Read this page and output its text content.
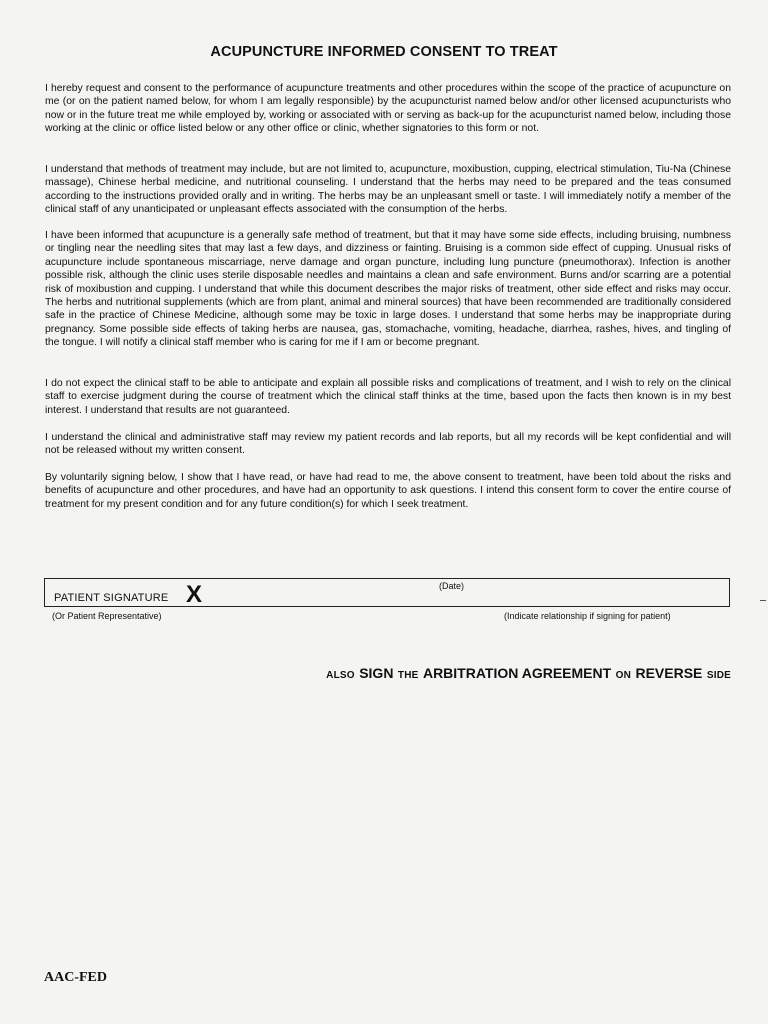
ACUPUNCTURE INFORMED CONSENT TO TREAT
I hereby request and consent to the performance of acupuncture treatments and other procedures within the scope of the practice of acupuncture on me (or on the patient named below, for whom I am legally responsible) by the acupuncturist named below and/or other licensed acupuncturists who now or in the future treat me while employed by, working or associated with or serving as back-up for the acupuncturist named below, including those working at the clinic or office listed below or any other office or clinic, whether signatories to this form or not.
I understand that methods of treatment may include, but are not limited to, acupuncture, moxibustion, cupping, electrical stimulation, Tiu-Na (Chinese massage), Chinese herbal medicine, and nutritional counseling. I understand that the herbs may need to be prepared and the teas consumed according to the instructions provided orally and in writing. The herbs may be an unpleasant smell or taste. I will immediately notify a member of the clinical staff of any unanticipated or unpleasant effects associated with the consumption of the herbs.
I have been informed that acupuncture is a generally safe method of treatment, but that it may have some side effects, including bruising, numbness or tingling near the needling sites that may last a few days, and dizziness or fainting. Bruising is a common side effect of cupping. Unusual risks of acupuncture include spontaneous miscarriage, nerve damage and organ puncture, including lung puncture (pneumothorax). Infection is another possible risk, although the clinic uses sterile disposable needles and maintains a clean and safe environment. Burns and/or scarring are a potential risk of moxibustion and cupping. I understand that while this document describes the major risks of treatment, other side effect and risks may occur. The herbs and nutritional supplements (which are from plant, animal and mineral sources) that have been recommended are traditionally considered safe in the practice of Chinese Medicine, although some may be toxic in large doses. I understand that some herbs may be inappropriate during pregnancy. Some possible side effects of taking herbs are nausea, gas, stomachache, vomiting, headache, diarrhea, rashes, hives, and tingling of the tongue. I will notify a clinical staff member who is caring for me if I am or become pregnant.
I do not expect the clinical staff to be able to anticipate and explain all possible risks and complications of treatment, and I wish to rely on the clinical staff to exercise judgment during the course of treatment which the clinical staff thinks at the time, based upon the facts then known is in my best interest. I understand that results are not guaranteed.
I understand the clinical and administrative staff may review my patient records and lab reports, but all my records will be kept confidential and will not be released without my written consent.
By voluntarily signing below, I show that I have read, or have had read to me, the above consent to treatment, have been told about the risks and benefits of acupuncture and other procedures, and have had an opportunity to ask questions. I intend this consent form to cover the entire course of treatment for my present condition and for any future condition(s) for which I seek treatment.
PATIENT SIGNATURE X	(Date)
(Or Patient Representative)	(Indicate relationship if signing for patient)
ALSO SIGN THE ARBITRATION AGREEMENT ON REVERSE SIDE
AAC-FED
